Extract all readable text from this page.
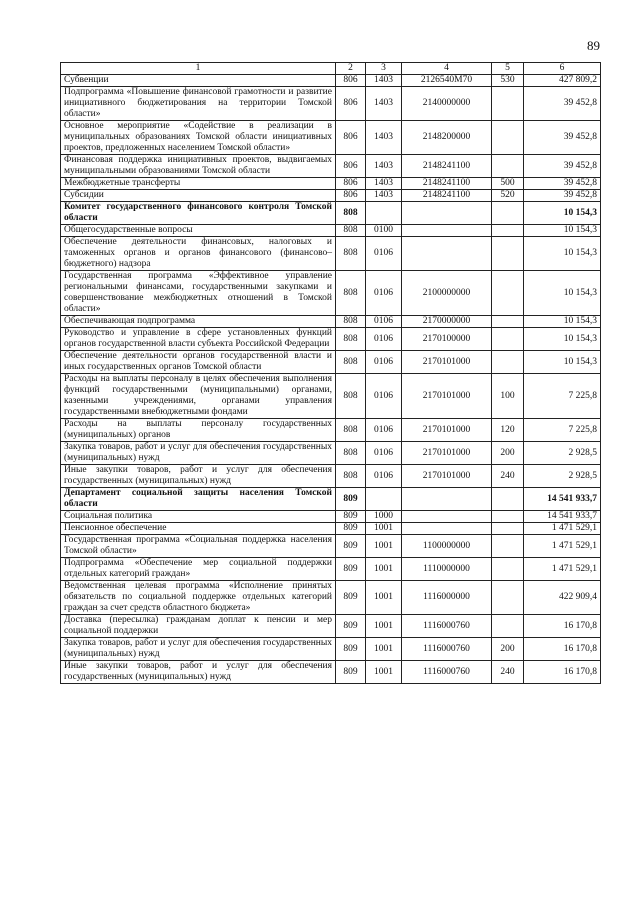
89
1	2	3	4	5	6
Субвенции	806	1403	2126540М70	530	427 809,2
Подпрограмма «Повышение финансовой грамотности и развитие инициативного бюджетирования на территории Томской области»	806	1403	2140000000		39 452,8
Основное мероприятие «Содействие в реализации в муниципальных образованиях Томской области инициативных проектов, предложенных населением Томской области»	806	1403	2148200000		39 452,8
Финансовая поддержка инициативных проектов, выдвигаемых муниципальными образованиями Томской области	806	1403	2148241100		39 452,8
Межбюджетные трансферты	806	1403	2148241100	500	39 452,8
Субсидии	806	1403	2148241100	520	39 452,8
Комитет государственного финансового контроля Томской области	808				10 154,3
Общегосударственные вопросы	808	0100			10 154,3
Обеспечение деятельности финансовых, налоговых и таможенных органов и органов финансового (финансово–бюджетного) надзора	808	0106			10 154,3
Государственная программа «Эффективное управление региональными финансами, государственными закупками и совершенствование межбюджетных отношений в Томской области»	808	0106	2100000000		10 154,3
Обеспечивающая подпрограмма	808	0106	2170000000		10 154,3
Руководство и управление в сфере установленных функций органов государственной власти субъекта Российской Федерации	808	0106	2170100000		10 154,3
Обеспечение деятельности органов государственной власти и иных государственных органов Томской области	808	0106	2170101000		10 154,3
Расходы на выплаты персоналу в целях обеспечения выполнения функций государственными (муниципальными) органами, казенными учреждениями, органами управления государственными внебюджетными фондами	808	0106	2170101000	100	7 225,8
Расходы на выплаты персоналу государственных (муниципальных) органов	808	0106	2170101000	120	7 225,8
Закупка товаров, работ и услуг для обеспечения государственных (муниципальных) нужд	808	0106	2170101000	200	2 928,5
Иные закупки товаров, работ и услуг для обеспечения государственных (муниципальных) нужд	808	0106	2170101000	240	2 928,5
Департамент социальной защиты населения Томской области	809				14 541 933,7
Социальная политика	809	1000			14 541 933,7
Пенсионное обеспечение	809	1001			1 471 529,1
Государственная программа «Социальная поддержка населения Томской области»	809	1001	1100000000		1 471 529,1
Подпрограмма «Обеспечение мер социальной поддержки отдельных категорий граждан»	809	1001	1110000000		1 471 529,1
Ведомственная целевая программа «Исполнение принятых обязательств по социальной поддержке отдельных категорий граждан за счет средств областного бюджета»	809	1001	1116000000		422 909,4
Доставка (пересылка) гражданам доплат к пенсии и мер социальной поддержки	809	1001	1116000760		16 170,8
Закупка товаров, работ и услуг для обеспечения государственных (муниципальных) нужд	809	1001	1116000760	200	16 170,8
Иные закупки товаров, работ и услуг для обеспечения государственных (муниципальных) нужд	809	1001	1116000760	240	16 170,8
